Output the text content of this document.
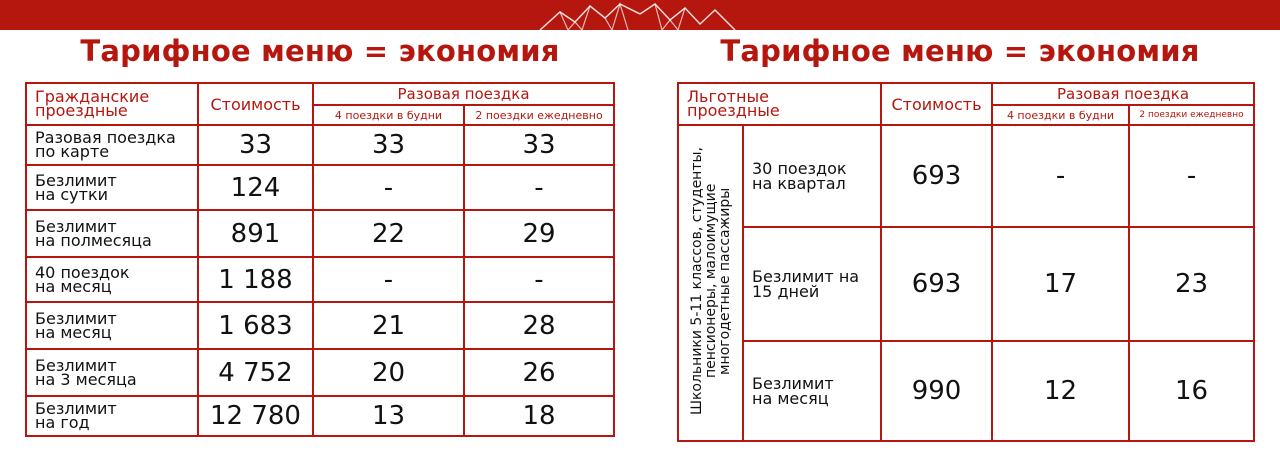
Тарифное меню = экономия
Гражданские
проездные	Стоимость	Разовая поездка	
		4 поездки в будни	2 поездки ежедневно
Разовая поездка
по карте	33	33	33
Безлимит
на сутки	124	-	-
Безлимит
на полмесяца	891	22	29
40 поездок
на месяц	1 188	-	-
Безлимит
на месяц	1 683	21	28
Безлимит
на 3 месяца	4 752	20	26
Безлимит
на год	12 780	13	18
Тарифное меню = экономия
Льготные
проездные		Стоимость	Разовая поездка	
			4 поездки в будни	2 поездки ежедневно
Школьники 5-11 классов, студенты,
пенсионеры, малоимущие
многодетные пассажиры	30 поездок
на квартал	693	-	-
	Безлимит на
15 дней	693	17	23
	Безлимит
на месяц	990	12	16
